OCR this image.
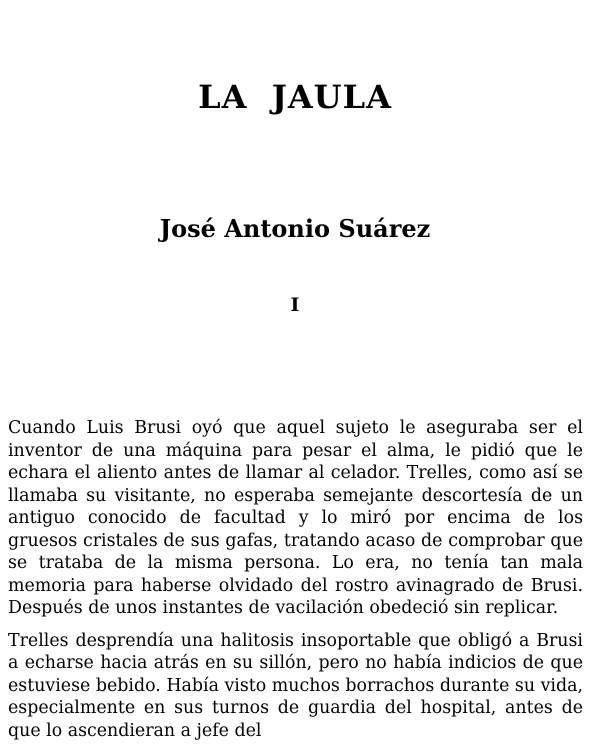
LA  JAULA
José Antonio Suárez
I

Cuando Luis Brusi oyó que aquel sujeto le aseguraba ser el inventor de una máquina para pesar el alma, le pidió que le echara el aliento antes de llamar al celador. Trelles, como así se llamaba su visitante, no esperaba semejante descortesía de un antiguo conocido de facultad y lo miró por encima de los gruesos cristales de sus gafas, tratando acaso de comprobar que se trataba de la misma persona. Lo era, no tenía tan mala memoria para haberse olvidado del rostro avinagrado de Brusi. Después de unos instantes de vacilación obedeció sin replicar.

Trelles desprendía una halitosis insoportable que obligó a Brusi a echarse hacia atrás en su sillón, pero no había indicios de que estuviese bebido. Había visto muchos borrachos durante su vida, especialmente en sus turnos de guardia del hospital, antes de que lo ascendieran a jefe del
